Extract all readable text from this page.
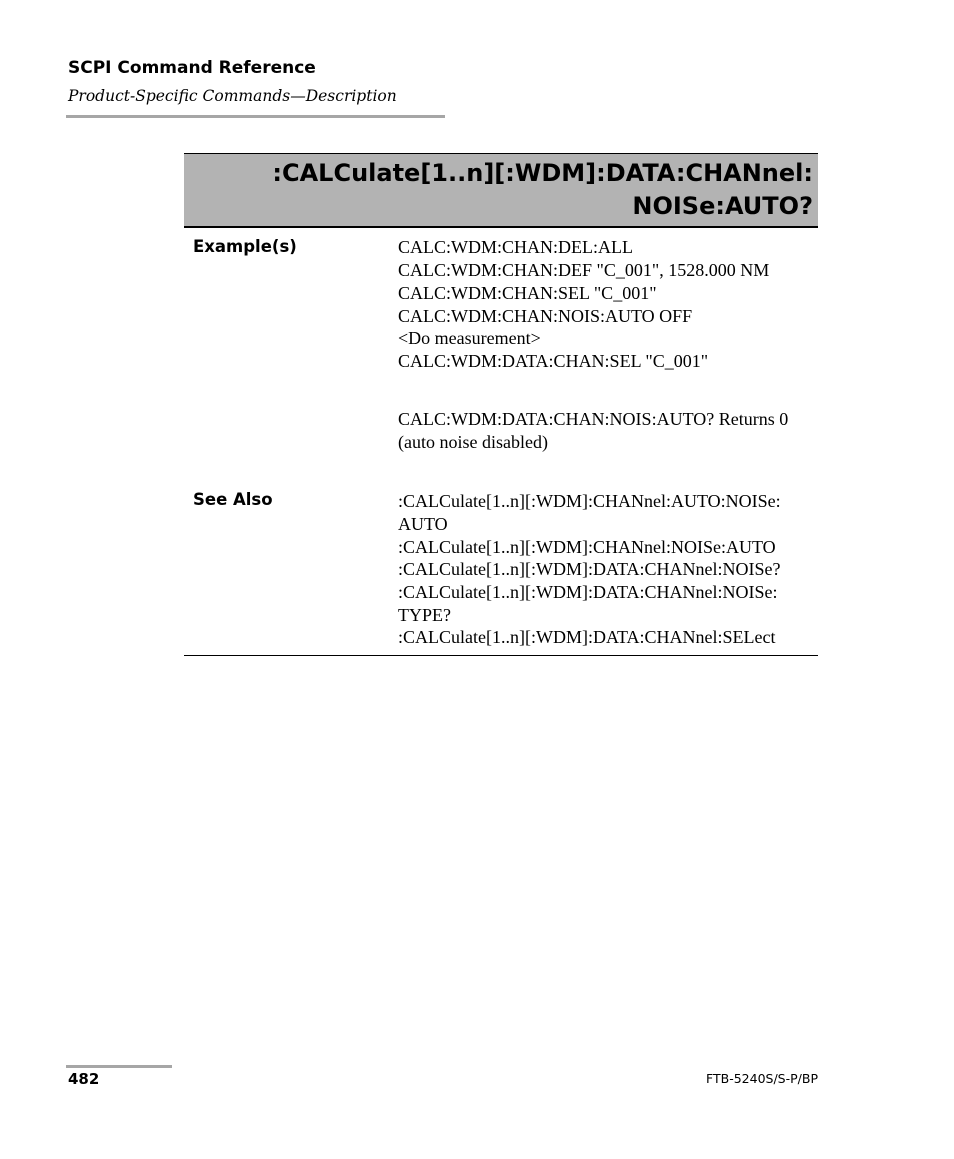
SCPI Command Reference
Product-Specific Commands—Description
:CALCulate[1..n][:WDM]:DATA:CHANnel:
NOISe:AUTO?
Example(s)	CALC:WDM:CHAN:DEL:ALL
CALC:WDM:CHAN:DEF "C_001", 1528.000 NM
CALC:WDM:CHAN:SEL "C_001"
CALC:WDM:CHAN:NOIS:AUTO OFF
<Do measurement>
CALC:WDM:DATA:CHAN:SEL "C_001"
CALC:WDM:DATA:CHAN:NOIS:AUTO? Returns 0
(auto noise disabled)
See Also	:CALCulate[1..n][:WDM]:CHANnel:AUTO:NOISe:
AUTO
:CALCulate[1..n][:WDM]:CHANnel:NOISe:AUTO
:CALCulate[1..n][:WDM]:DATA:CHANnel:NOISe?
:CALCulate[1..n][:WDM]:DATA:CHANnel:NOISe:
TYPE?
:CALCulate[1..n][:WDM]:DATA:CHANnel:SELect
482	FTB-5240S/S-P/BP
